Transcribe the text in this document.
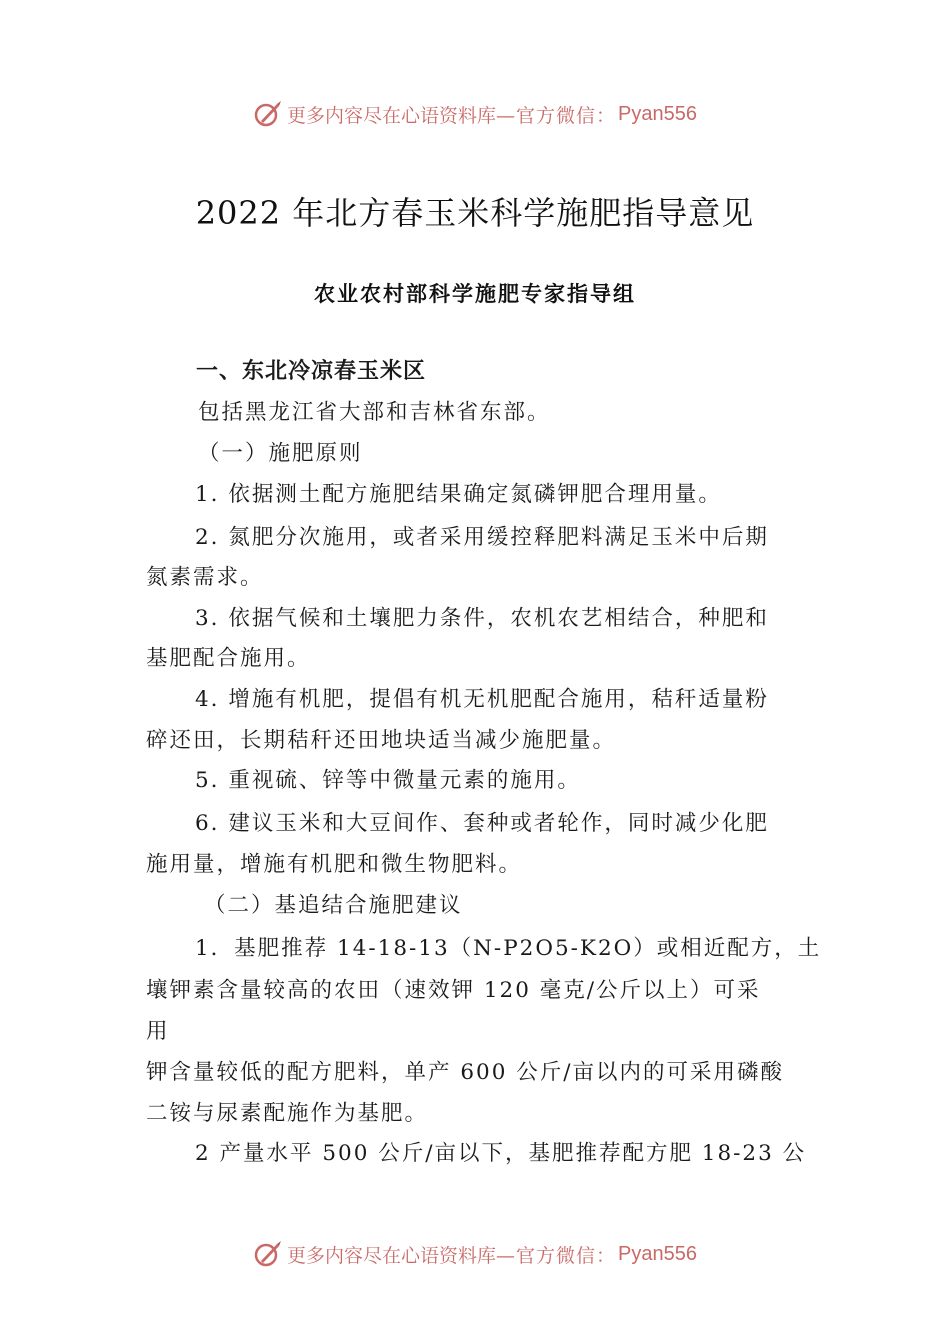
更多内容尽在心语资料库 —官方微信： Pyan556
2022 年北方春玉米科学施肥指导意见
农业农村部科学施肥专家指导组
一、东北冷凉春玉米区
包括黑龙江省大部和吉林省东部。
（一）施肥原则
1. 依据测土配方施肥结果确定氮磷钾肥合理用量。
2. 氮肥分次施用，或者采用缓控释肥料满足玉米中后期
氮素需求。
3. 依据气候和土壤肥力条件，农机农艺相结合，种肥和
基肥配合施用。
4. 增施有机肥，提倡有机无机肥配合施用，秸秆适量粉
碎还田，长期秸秆还田地块适当减少施肥量。
5. 重视硫、锌等中微量元素的施用。
6. 建议玉米和大豆间作、套种或者轮作，同时减少化肥
施用量，增施有机肥和微生物肥料。
（二）基追结合施肥建议
1．基肥推荐 14-18-13（N-P2O5-K2O）或相近配方，土
壤钾素含量较高的农田（速效钾 120 毫克/公斤以上）可采
用
钾含量较低的配方肥料，单产 600 公斤/亩以内的可采用磷酸
二铵与尿素配施作为基肥。
2 产量水平 500 公斤/亩以下，基肥推荐配方肥 18-23 公
更多内容尽在心语资料库 —官方微信： Pyan556
